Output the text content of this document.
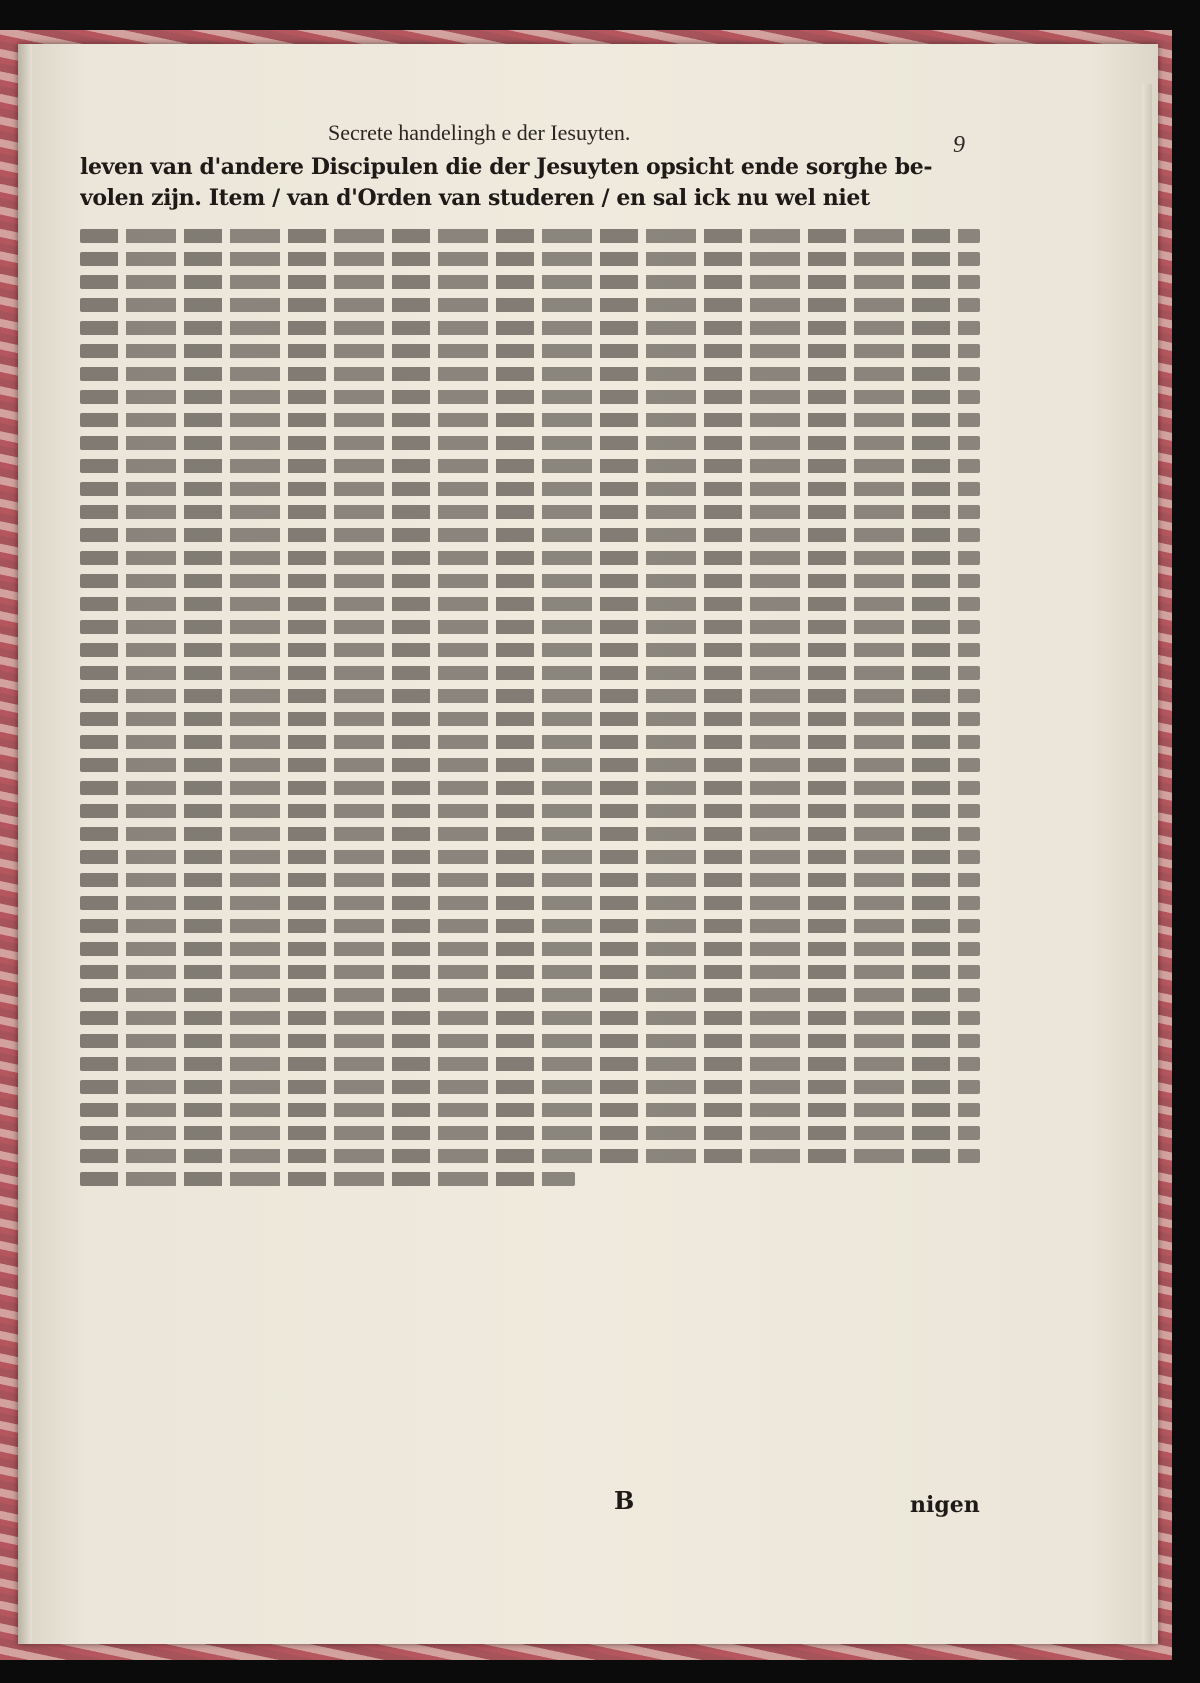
Secrete handelingh e der Iesuyten.	9
leven van d'andere Discipulen die der Jesuyten opsicht ende sorghe be-
volen zijn. Item / van d'Orden van studeren / en sal ick nu wel niet
B	nigen
